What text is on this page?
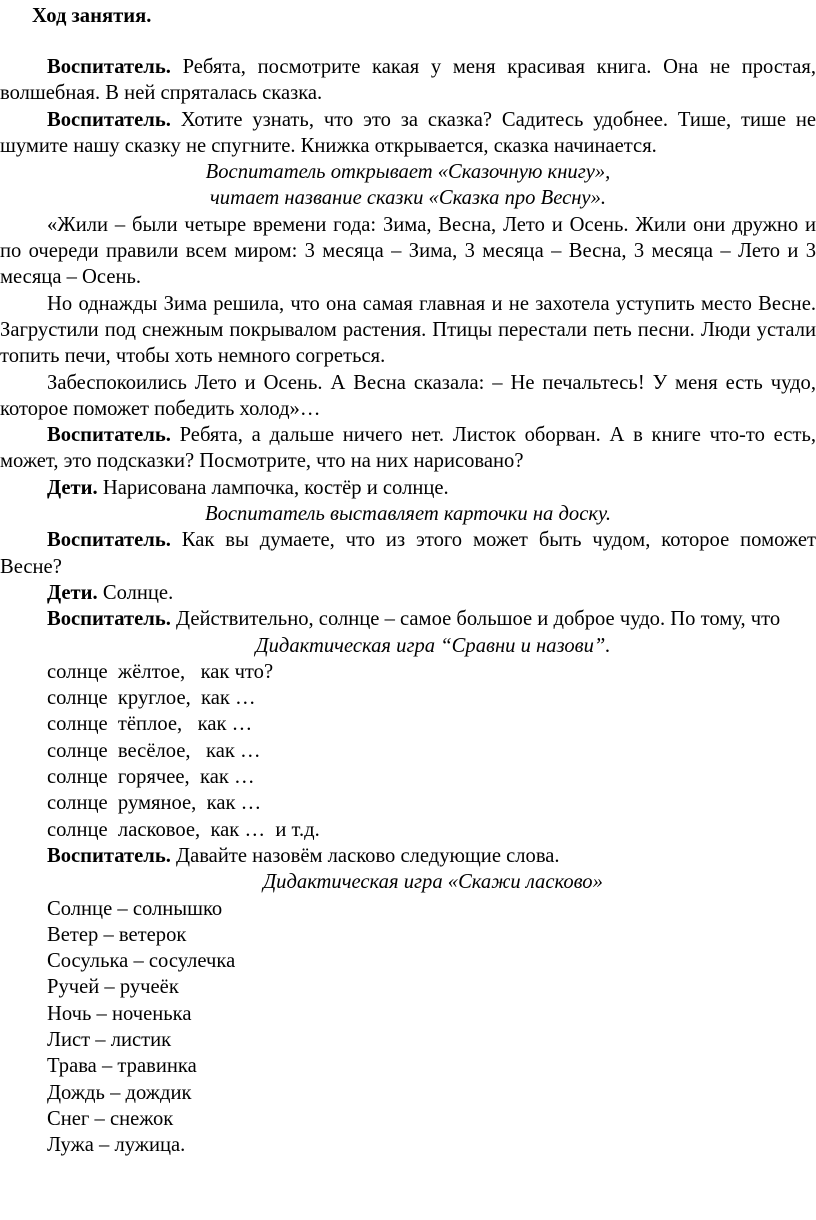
Ход занятия.

Воспитатель. Ребята, посмотрите какая у меня красивая книга. Она не простая, волшебная. В ней спряталась сказка.

Воспитатель. Хотите узнать, что это за сказка? Садитесь удобнее. Тише, тише не шумите нашу сказку не спугните. Книжка открывается, сказка начинается.

Воспитатель открывает «Сказочную книгу»,

читает название сказки «Сказка про Весну».

«Жили – были четыре времени года: Зима, Весна, Лето и Осень. Жили они дружно и по очереди правили всем миром: 3 месяца – Зима, 3 месяца – Весна, 3 месяца – Лето и 3 месяца – Осень.

Но однажды Зима решила, что она самая главная и не захотела уступить место Весне. Загрустили под снежным покрывалом растения. Птицы перестали петь песни. Люди устали топить печи, чтобы хоть немного согреться.

Забеспокоились Лето и Осень. А Весна сказала: – Не печальтесь! У меня есть чудо, которое поможет победить холод»…

Воспитатель. Ребята, а дальше ничего нет. Листок оборван. А в книге что-то есть, может, это подсказки? Посмотрите, что на них нарисовано?

Дети. Нарисована лампочка, костёр и солнце.

Воспитатель выставляет карточки на доску.

Воспитатель. Как вы думаете, что из этого может быть чудом, которое поможет Весне?

Дети. Солнце.

Воспитатель. Действительно, солнце – самое большое и доброе чудо. По тому, что

Дидактическая игра “Сравни и назови”.

солнце  жёлтое,   как что?
солнце  круглое,  как …
солнце  тёплое,   как …
солнце  весёлое,   как …
солнце  горячее,  как …
солнце  румяное,  как …
солнце  ласковое,  как …  и т.д.

Воспитатель. Давайте назовём ласково следующие слова.

Дидактическая игра «Скажи ласково»

Солнце – солнышко
Ветер – ветерок
Сосулька – сосулечка
Ручей – ручеёк
Ночь – ноченька
Лист – листик
Трава – травинка
Дождь – дождик
Снег – снежок
Лужа – лужица.
